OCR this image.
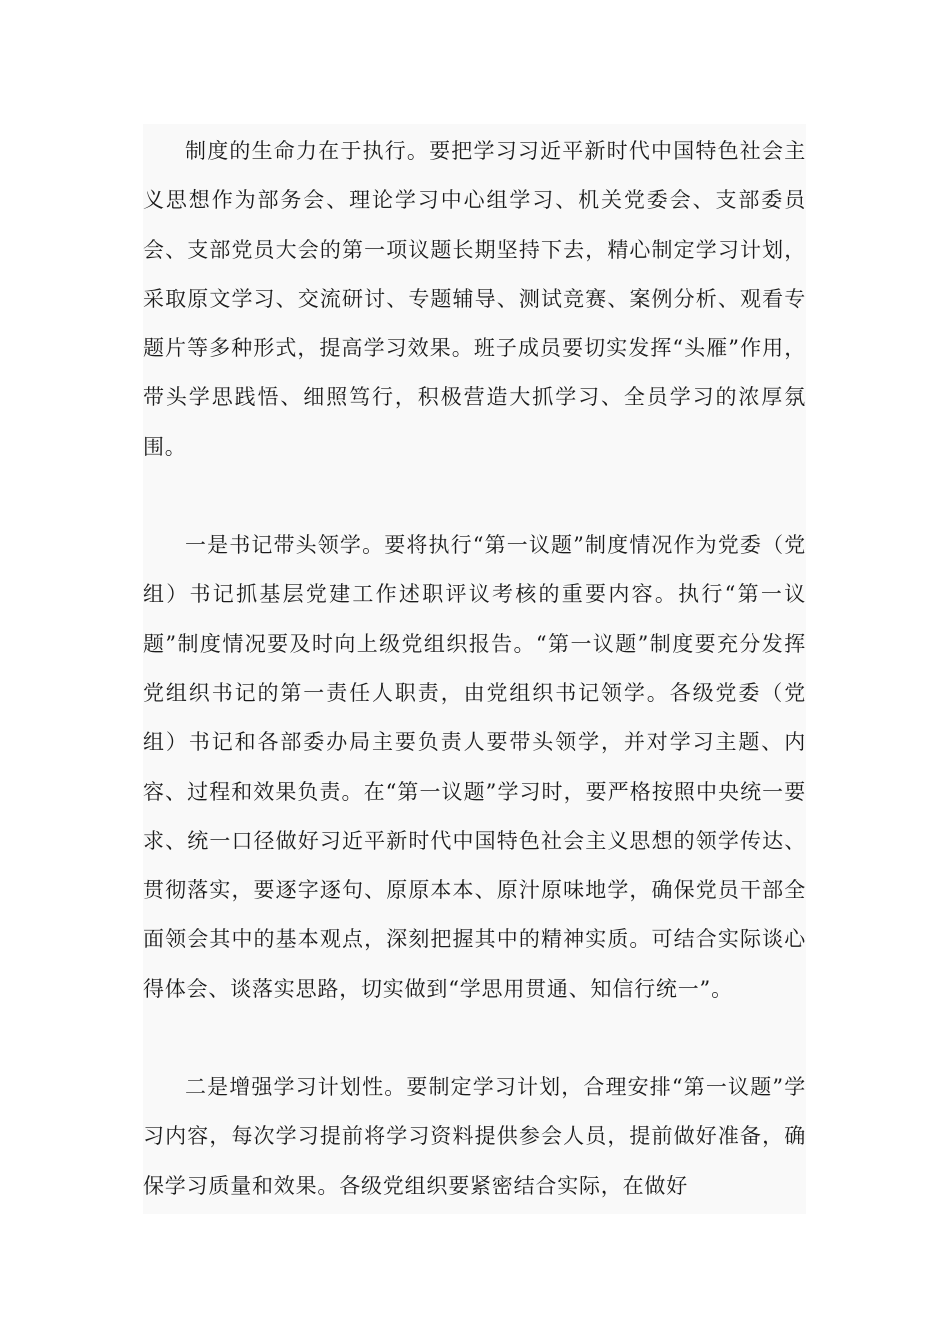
制度的生命力在于执行。要把学习习近平新时代中国特色社会主义思想作为部务会、理论学习中心组学习、机关党委会、支部委员会、支部党员大会的第一项议题长期坚持下去，精心制定学习计划，采取原文学习、交流研讨、专题辅导、测试竞赛、案例分析、观看专题片等多种形式，提高学习效果。班子成员要切实发挥“头雁”作用，带头学思践悟、细照笃行，积极营造大抓学习、全员学习的浓厚氛围。

一是书记带头领学。要将执行“第一议题”制度情况作为党委（党组）书记抓基层党建工作述职评议考核的重要内容。执行“第一议题”制度情况要及时向上级党组织报告。“第一议题”制度要充分发挥党组织书记的第一责任人职责，由党组织书记领学。各级党委（党组）书记和各部委办局主要负责人要带头领学，并对学习主题、内容、过程和效果负责。在“第一议题”学习时，要严格按照中央统一要求、统一口径做好习近平新时代中国特色社会主义思想的领学传达、贯彻落实，要逐字逐句、原原本本、原汁原味地学，确保党员干部全面领会其中的基本观点，深刻把握其中的精神实质。可结合实际谈心得体会、谈落实思路，切实做到“学思用贯通、知信行统一”。

二是增强学习计划性。要制定学习计划，合理安排“第一议题”学习内容，每次学习提前将学习资料提供参会人员，提前做好准备，确保学习质量和效果。各级党组织要紧密结合实际，在做好
